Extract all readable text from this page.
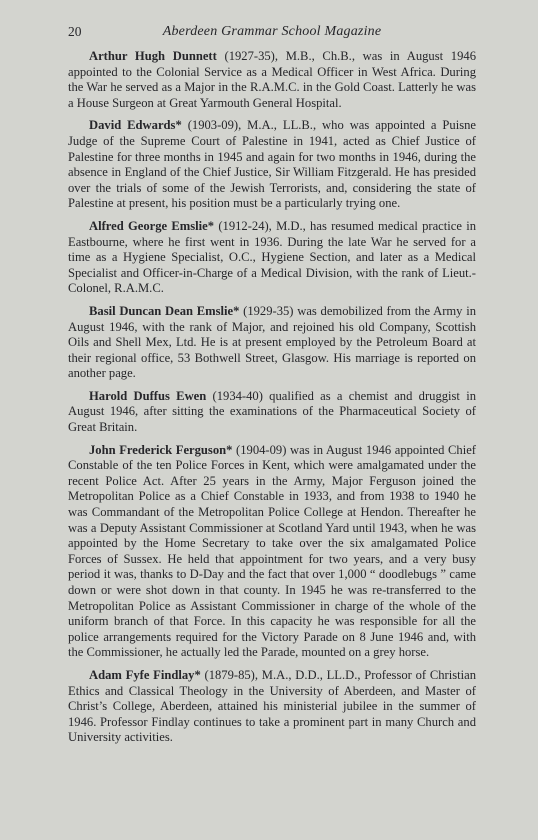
20	Aberdeen Grammar School Magazine

Arthur Hugh Dunnett (1927-35), M.B., Ch.B., was in August 1946 appointed to the Colonial Service as a Medical Officer in West Africa. During the War he served as a Major in the R.A.M.C. in the Gold Coast. Latterly he was a House Surgeon at Great Yarmouth General Hospital.

David Edwards* (1903-09), M.A., LL.B., who was appointed a Puisne Judge of the Supreme Court of Palestine in 1941, acted as Chief Justice of Palestine for three months in 1945 and again for two months in 1946, during the absence in England of the Chief Justice, Sir William Fitzgerald. He has presided over the trials of some of the Jewish Terrorists, and, considering the state of Palestine at present, his position must be a particularly trying one.

Alfred George Emslie* (1912-24), M.D., has resumed medical practice in Eastbourne, where he first went in 1936. During the late War he served for a time as a Hygiene Specialist, O.C., Hygiene Section, and later as a Medical Specialist and Officer-in-Charge of a Medical Division, with the rank of Lieut.-Colonel, R.A.M.C.

Basil Duncan Dean Emslie* (1929-35) was demobilized from the Army in August 1946, with the rank of Major, and rejoined his old Company, Scottish Oils and Shell Mex, Ltd. He is at present employed by the Petroleum Board at their regional office, 53 Bothwell Street, Glasgow. His marriage is reported on another page.

Harold Duffus Ewen (1934-40) qualified as a chemist and druggist in August 1946, after sitting the examinations of the Pharmaceutical Society of Great Britain.

John Frederick Ferguson* (1904-09) was in August 1946 appointed Chief Constable of the ten Police Forces in Kent, which were amalgamated under the recent Police Act. After 25 years in the Army, Major Ferguson joined the Metropolitan Police as a Chief Constable in 1933, and from 1938 to 1940 he was Commandant of the Metropolitan Police College at Hendon. Thereafter he was a Deputy Assistant Commissioner at Scotland Yard until 1943, when he was appointed by the Home Secretary to take over the six amalgamated Police Forces of Sussex. He held that appointment for two years, and a very busy period it was, thanks to D-Day and the fact that over 1,000 “ doodlebugs ” came down or were shot down in that county. In 1945 he was re-transferred to the Metropolitan Police as Assistant Commissioner in charge of the whole of the uniform branch of that Force. In this capacity he was responsible for all the police arrangements required for the Victory Parade on 8 June 1946 and, with the Commissioner, he actually led the Parade, mounted on a grey horse.

Adam Fyfe Findlay* (1879-85), M.A., D.D., LL.D., Professor of Christian Ethics and Classical Theology in the University of Aberdeen, and Master of Christ’s College, Aberdeen, attained his ministerial jubilee in the summer of 1946. Professor Findlay continues to take a prominent part in many Church and University activities.
